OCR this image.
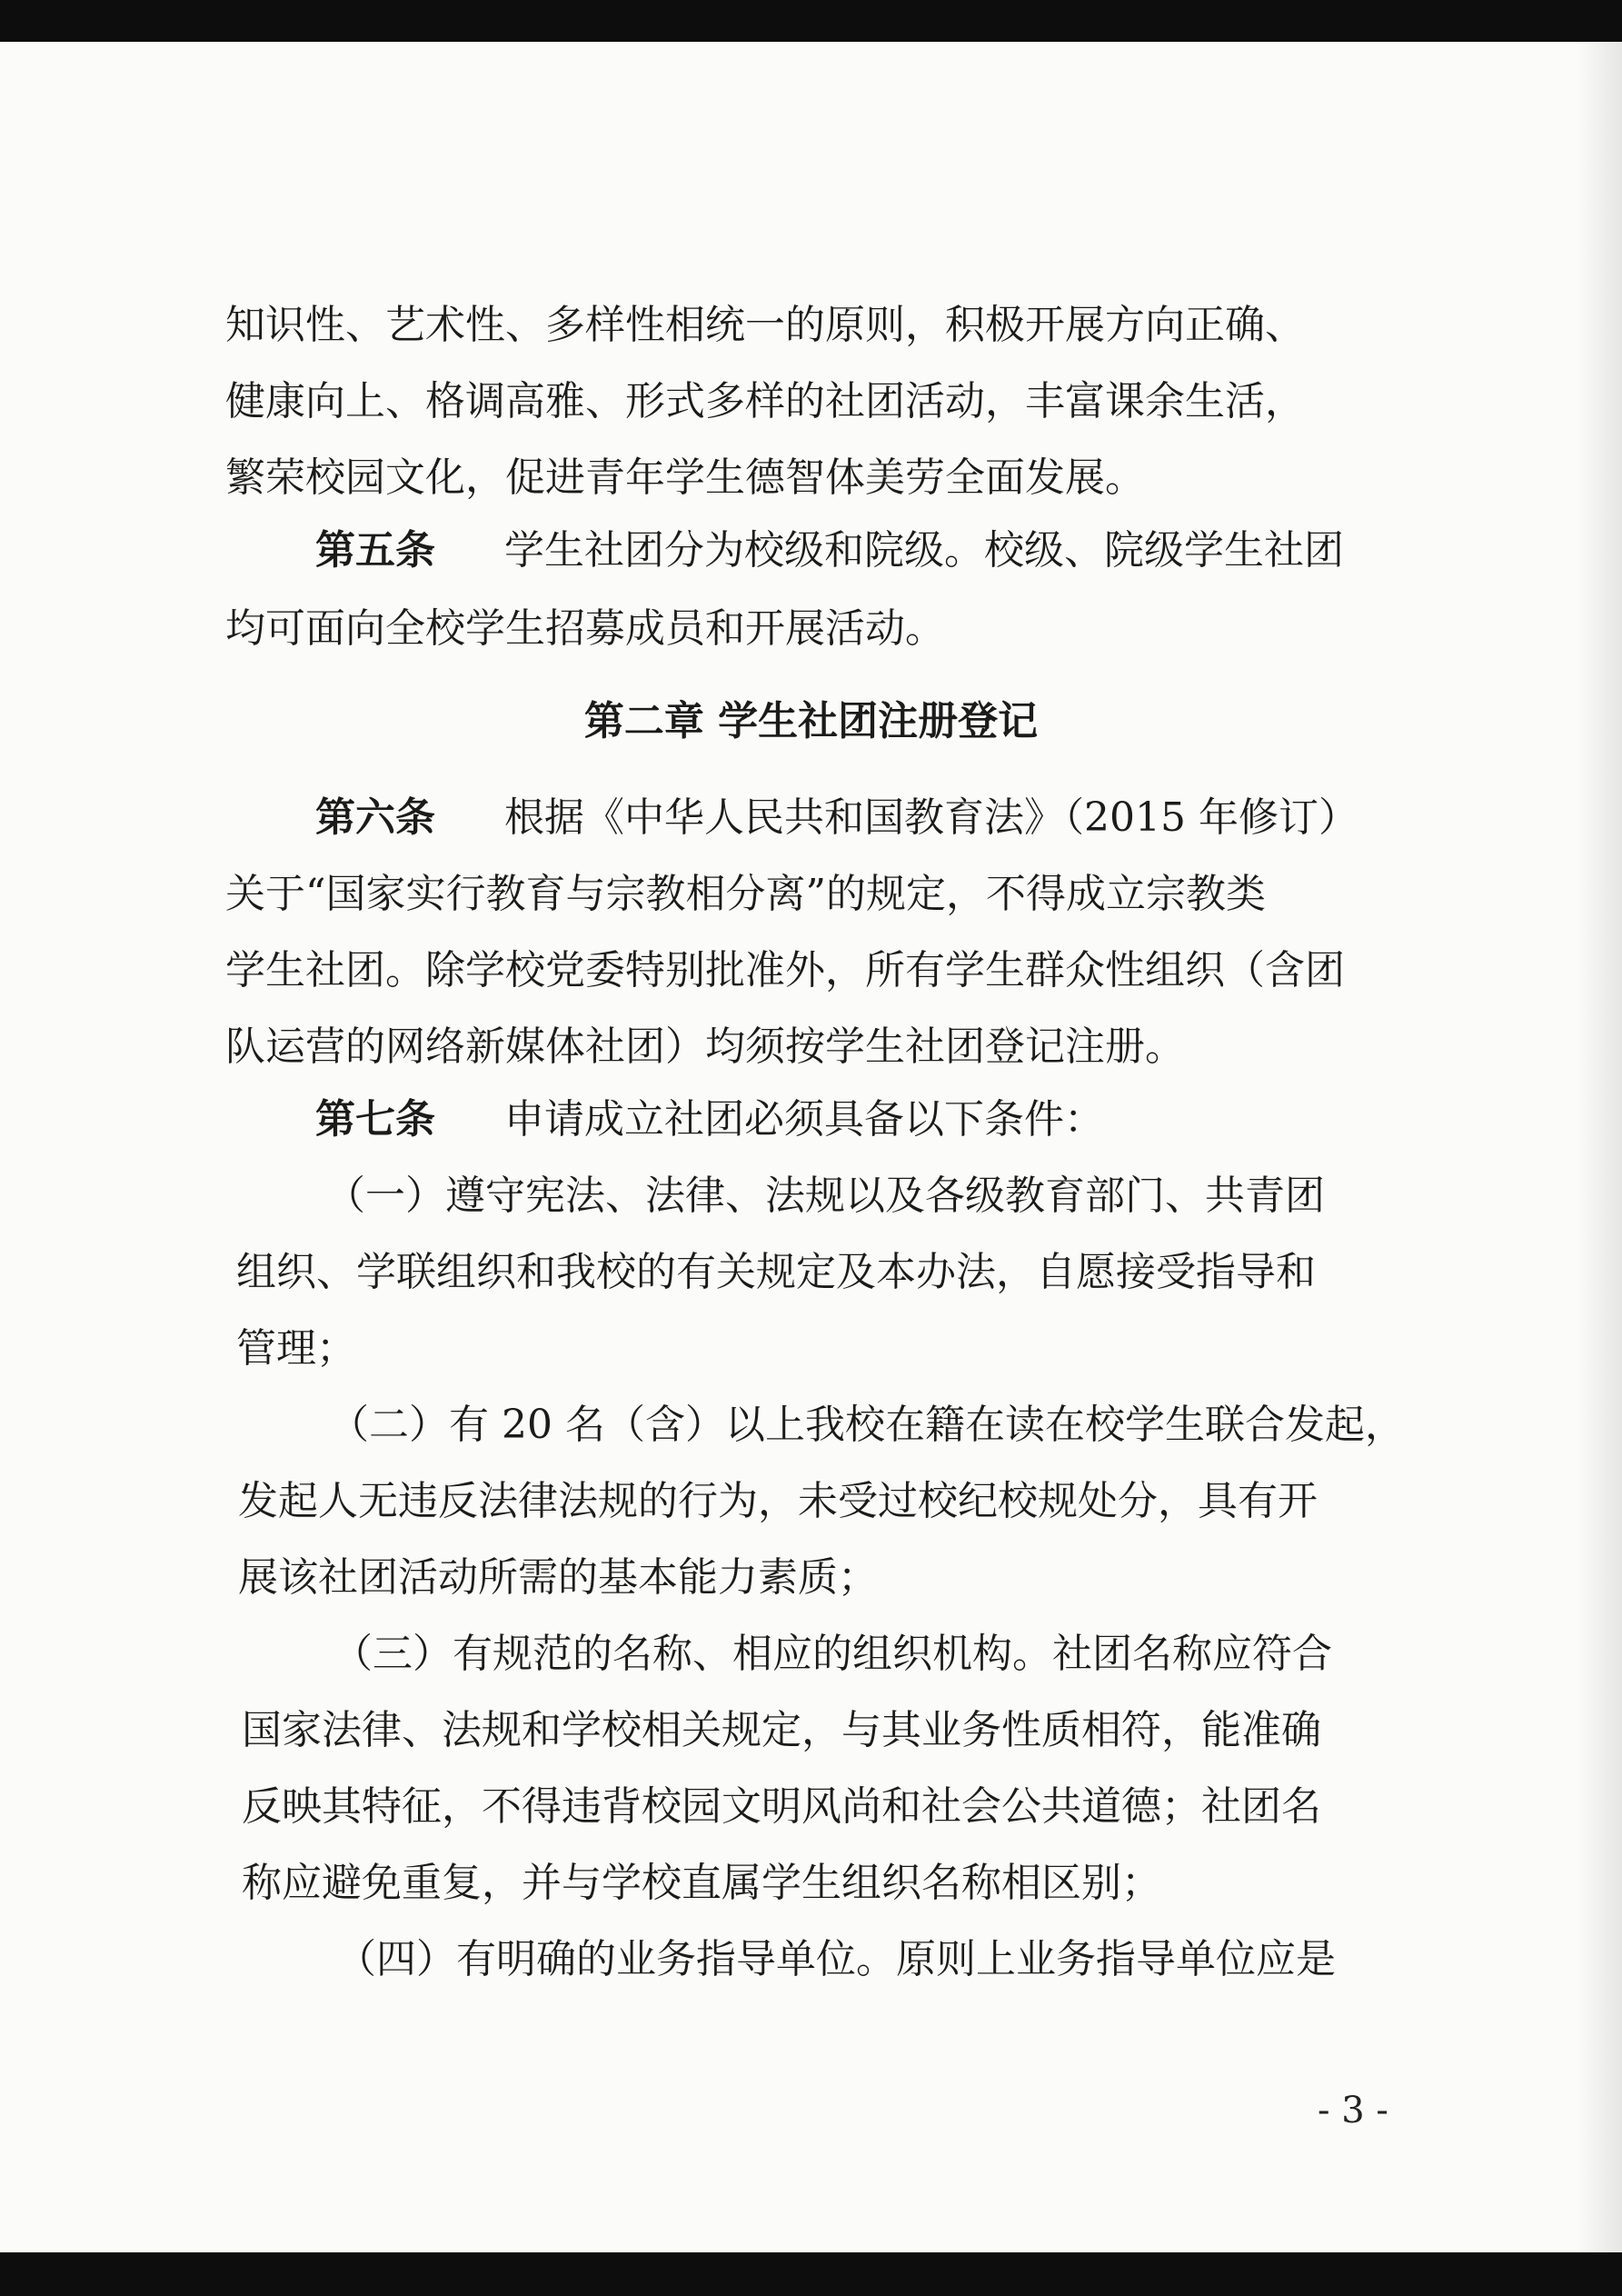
知识性、艺术性、多样性相统一的原则，积极开展方向正确、
健康向上、格调高雅、形式多样的社团活动，丰富课余生活，
繁荣校园文化，促进青年学生德智体美劳全面发展。
第五条 学生社团分为校级和院级。校级、院级学生社团
均可面向全校学生招募成员和开展活动。
第二章 学生社团注册登记
第六条 根据《中华人民共和国教育法》（2015 年修订）
关于“国家实行教育与宗教相分离”的规定，不得成立宗教类
学生社团。除学校党委特别批准外，所有学生群众性组织（含团
队运营的网络新媒体社团）均须按学生社团登记注册。
第七条 申请成立社团必须具备以下条件：
（一）遵守宪法、法律、法规以及各级教育部门、共青团
组织、学联组织和我校的有关规定及本办法，自愿接受指导和
管理；
（二）有 20 名（含）以上我校在籍在读在校学生联合发起，
发起人无违反法律法规的行为，未受过校纪校规处分，具有开
展该社团活动所需的基本能力素质；
（三）有规范的名称、相应的组织机构。社团名称应符合
国家法律、法规和学校相关规定，与其业务性质相符，能准确
反映其特征，不得违背校园文明风尚和社会公共道德；社团名
称应避免重复，并与学校直属学生组织名称相区别；
（四）有明确的业务指导单位。原则上业务指导单位应是
- 3 -
